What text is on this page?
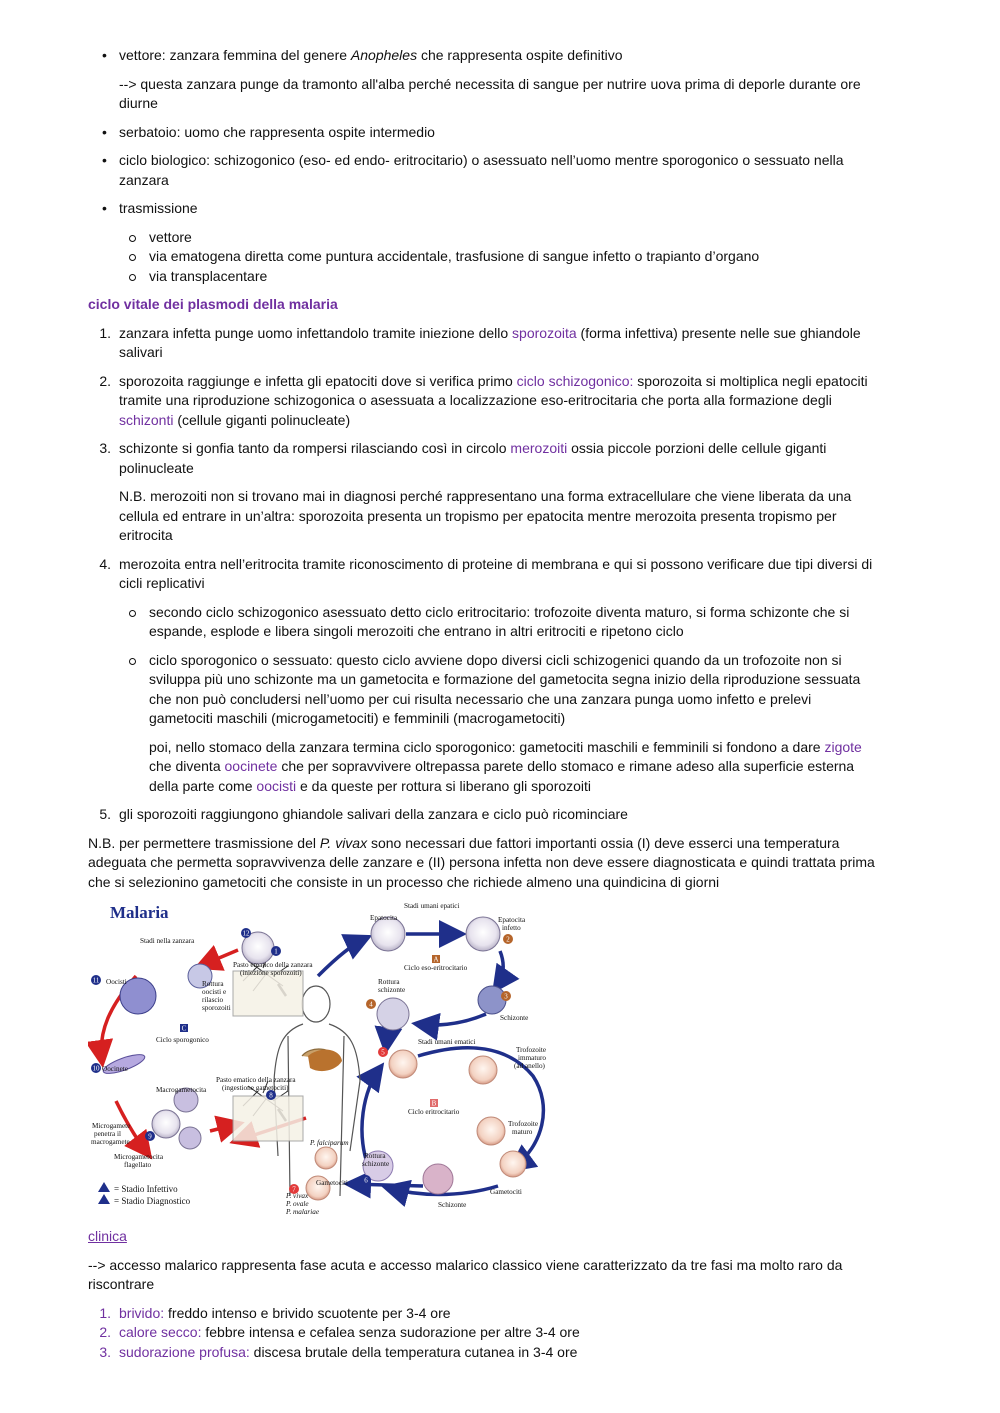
• vettore: zanzara femmina del genere Anopheles che rappresenta ospite definitivo

--> questa zanzara punge da tramonto all'alba perché necessita di sangue per nutrire uova prima di deporle durante ore diurne

• serbatoio: uomo che rappresenta ospite intermedio
• ciclo biologico: schizogonico (eso- ed endo- eritrocitario) o asessuato nell’uomo mentre sporogonico o sessuato nella zanzara
• trasmissione
vettore
via ematogena diretta come puntura accidentale, trasfusione di sangue infetto o trapianto d’organo
via transplacentare

ciclo vitale dei plasmodi della malaria

1. zanzara infetta punge uomo infettandolo tramite iniezione dello sporozoita (forma infettiva) presente nelle sue ghiandole salivari
2. sporozoita raggiunge e infetta gli epatociti dove si verifica primo ciclo schizogonico: sporozoita si moltiplica negli epatociti tramite una riproduzione schizogonica o asessuata a localizzazione eso-eritrocitaria che porta alla formazione degli schizonti (cellule giganti polinucleate)
3. schizonte si gonfia tanto da rompersi rilasciando così in circolo merozoiti ossia piccole porzioni delle cellule giganti polinucleate

N.B. merozoiti non si trovano mai in diagnosi perché rappresentano una forma extracellulare che viene liberata da una cellula ed entrare in un’altra: sporozoita presenta un tropismo per epatocita mentre merozoita presenta tropismo per eritrocita

4. merozoita entra nell’eritrocita tramite riconoscimento di proteine di membrana e qui si possono verificare due tipi diversi di cicli replicativi
secondo ciclo schizogonico asessuato detto ciclo eritrocitario: trofozoite diventa maturo, si forma schizonte che si espande, esplode e libera singoli merozoiti che entrano in altri eritrociti e ripetono ciclo
ciclo sporogonico o sessuato: questo ciclo avviene dopo diversi cicli schizogenici quando da un trofozoite non si sviluppa più uno schizonte ma un gametocita e formazione del gametocita segna inizio della riproduzione sessuata che non può concludersi nell’uomo per cui risulta necessario che una zanzara punga uomo infetto e prelevi gametociti maschili (microgametociti) e femminili (macrogametociti)

poi, nello stomaco della zanzara termina ciclo sporogonico: gametociti maschili e femminili si fondono a dare zigote che diventa oocinete che per sopravvivere oltrepassa parete dello stomaco e rimane adeso alla superficie esterna della parte come oocisti e da queste per rottura si liberano gli sporozoiti

5. gli sporozoiti raggiungono ghiandole salivari della zanzara e ciclo può ricominciare

N.B. per permettere trasmissione del P. vivax sono necessari due fattori importanti ossia (I) deve esserci una temperatura adeguata che permetta sopravvivenza delle zanzare e (II) persona infetta non deve essere diagnosticata e quindi trattata prima che si selezionino gametociti che consiste in un processo che richiede almeno una quindicina di giorni

Malaria
1
2
3
4
5
6
7
8
9
10
11
12
A
B
C
Stadi nella zanzara
Pasto ematico della zanzara
(iniezione sporozoiti)
Stadi umani epatici
Epatocita	Epatocita
infetto
Ciclo eso-eritrocitario
Rottura
schizonte
Schizonte
Oocisti	Rottura
oocisti e
rilascio
sporozoiti
Ciclo sporogonico
Oocinete
Macrogametocita
Pasto ematico della zanzara
(ingestione gametociti)
Microgamete
penetra il
macrogamete
Microgametocita
flagellato
Stadi umani ematici
Trofozoite
immaturo
(ad anello)
Ciclo eritrocitario
Trofozoite
maturo
P. falciparum
Rottura
schizonte
Schizonte
Gametociti
Gametociti
P. vivax
P. ovale
P. malariae
= Stadio Infettivo
= Stadio Diagnostico

clinica

--> accesso malarico rappresenta fase acuta e accesso malarico classico viene caratterizzato da tre fasi ma molto raro da riscontrare

1. brivido: freddo intenso e brivido scuotente per 3-4 ore
2. calore secco: febbre intensa e cefalea senza sudorazione per altre 3-4 ore
3. sudorazione profusa: discesa brutale della temperatura cutanea in 3-4 ore
